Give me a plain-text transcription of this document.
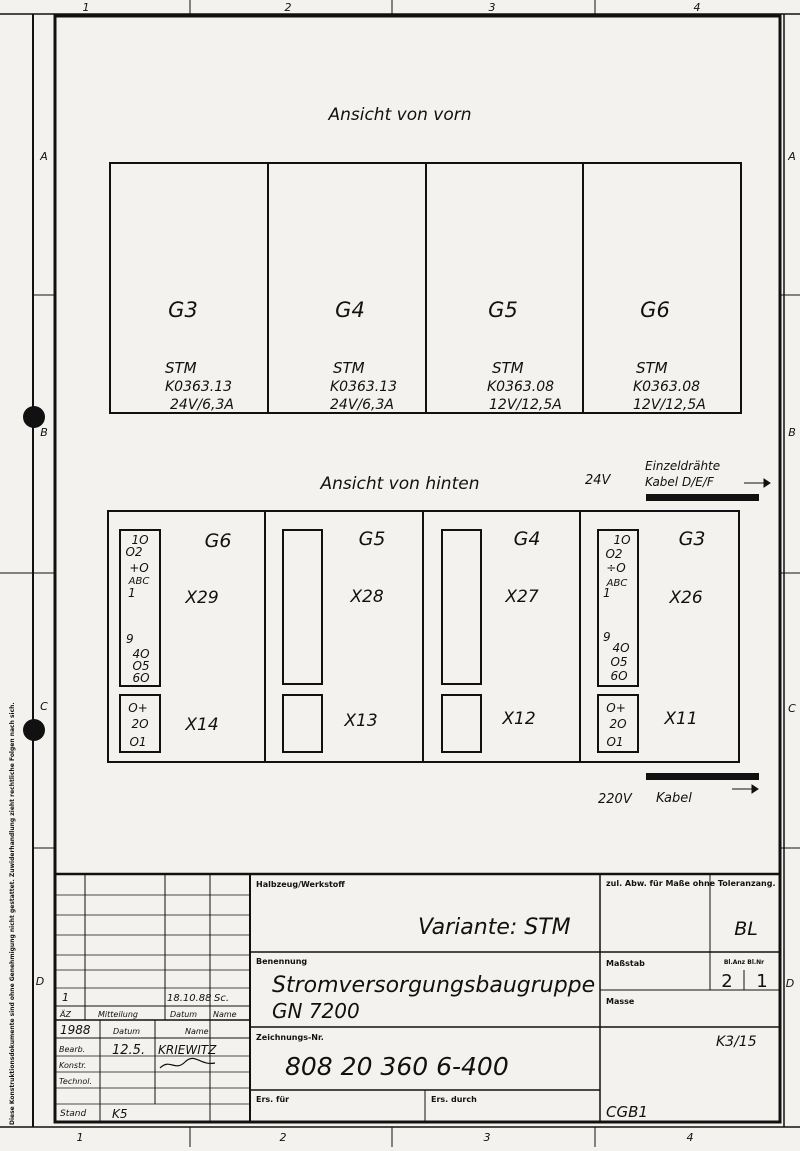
1	2	3	4
1	2	3	4
A
B
C
D
A
B
C
D
Diese Konstruktionsdokumente sind ohne Genehmigung nicht gestattet. Zuwiderhandlung zieht rechtliche Folgen nach sich.
Ansicht von vorn
G3
STM
K0363.13
24V/6,3A
G4
STM
K0363.13
24V/6,3A
G5
STM
K0363.08
12V/12,5A
G6
STM
K0363.08
12V/12,5A
Ansicht von hinten	24V
Einzeldrähte
Kabel D/E/F
1O
O2
+O
ABC
1
9
4O
O5
6O
O+
2O
O1
G6
X29
X14
G5
X28
X13
G4
X27
X12
1O
O2
÷O
ABC
1
9
4O
O5
6O
O+
2O
O1
G3
X26
X11
220V Kabel
Halbzeug/Werkstoff
Variante: STM
zul. Abw. für Maße ohne Toleranzang.
BL
Benennung
Stromversorgungsbaugruppe
GN 7200
Maßstab	Bl.Anz Bl.Nr
2 1
Masse
Zeichnungs-Nr.
808 20 360 6-400
K3/15
Ers. für	Ers. durch
CGB1
1	18.10.88 Sc.
ÄZ	Mitteilung	Datum Name
1988	Datum	Name
Bearb. 12.5. KRIEWITZ
Konstr.
Technol.
Stand K5
